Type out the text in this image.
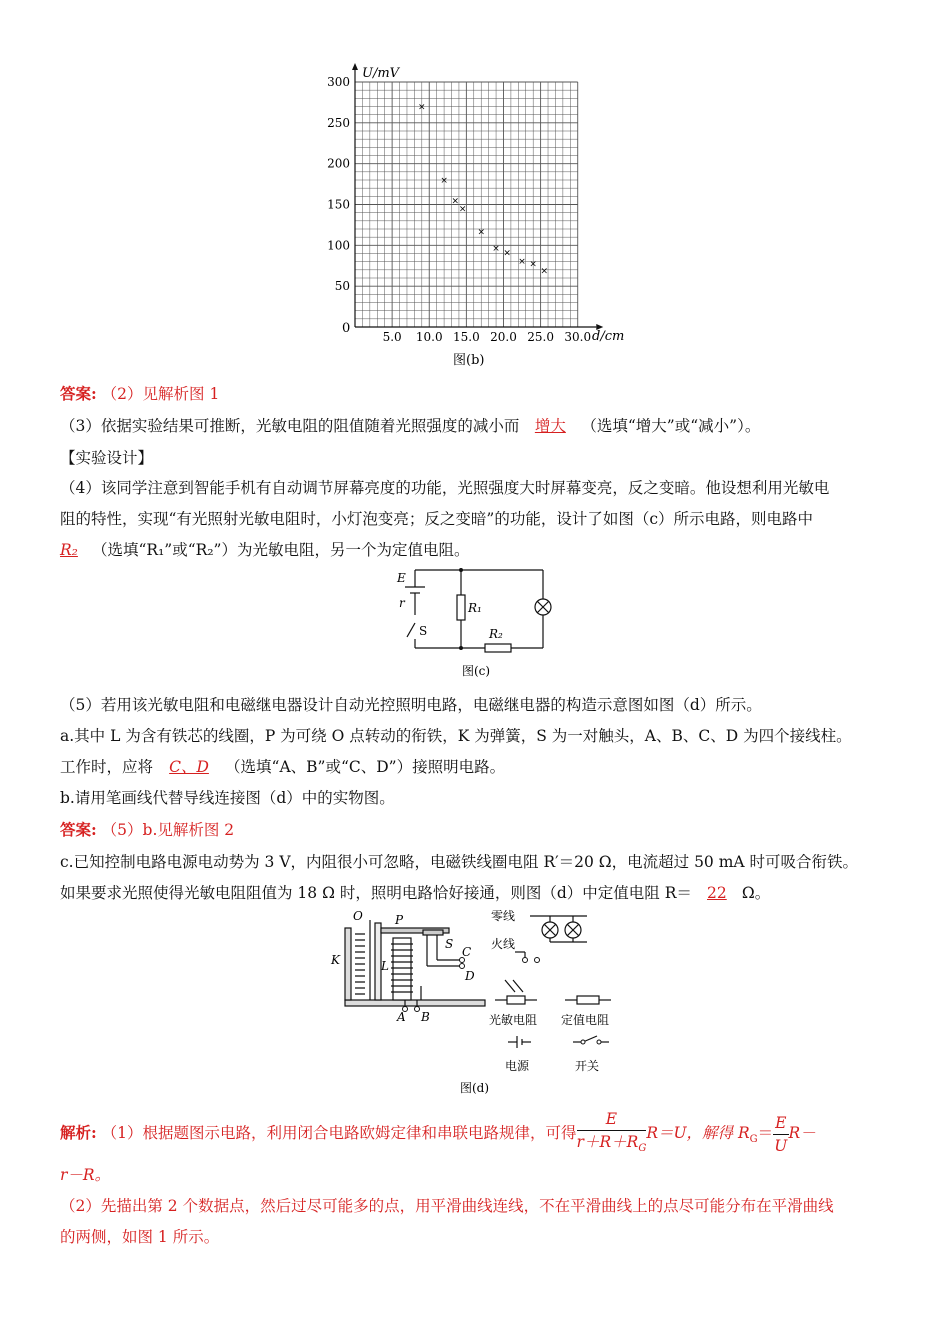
5.0 10.0 15.0 20.0 25.0 30.0
50
100
150
200
250
300
×
×
×
×
×
× ×
× ×
×
U/mV
d/cm
0
图(b)
答案: （2）见解析图 1
（3）依据实验结果可推断，光敏电阻的阻值随着光照强度的减小而 增大 （选填“增大”或“减小”）。
【实验设计】
（4）该同学注意到智能手机有自动调节屏幕亮度的功能，光照强度大时屏幕变亮，反之变暗。他设想利用光敏电
阻的特性，实现“有光照射光敏电阻时，小灯泡变亮；反之变暗”的功能，设计了如图（c）所示电路，则电路中
R₂ （选填“R₁”或“R₂”）为光敏电阻，另一个为定值电阻。
E
r
S
R₁
R₂
图(c)
（5）若用该光敏电阻和电磁继电器设计自动光控照明电路，电磁继电器的构造示意图如图（d）所示。
a.其中 L 为含有铁芯的线圈，P 为可绕 O 点转动的衔铁，K 为弹簧，S 为一对触头，A、B、C、D 为四个接线柱。
工作时，应将 C、D （选填“A、B”或“C、D”）接照明电路。
b.请用笔画线代替导线连接图（d）中的实物图。
答案: （5）b.见解析图 2
c.已知控制电路电源电动势为 3 V，内阻很小可忽略，电磁铁线圈电阻 R′＝20 Ω，电流超过 50 mA 时可吸合衔铁。
如果要求光照使得光敏电阻阻值为 18 Ω 时，照明电路恰好接通，则图（d）中定值电阻 R＝ 22 Ω。
O	P
K	L
S
C
D
A B
零线
火线
光敏电阻 定值电阻
电源	开关
图(d)
解析: （1）根据题图示电路，利用闭合电路欧姆定律和串联电路规律，可得 $\frac{E}{r+R+R_G} R=U$，解得 $R_G= \frac{E}{U} R-$
r－R。
（2）先描出第 2 个数据点，然后过尽可能多的点，用平滑曲线连线，不在平滑曲线上的点尽可能分布在平滑曲线
的两侧，如图 1 所示。
